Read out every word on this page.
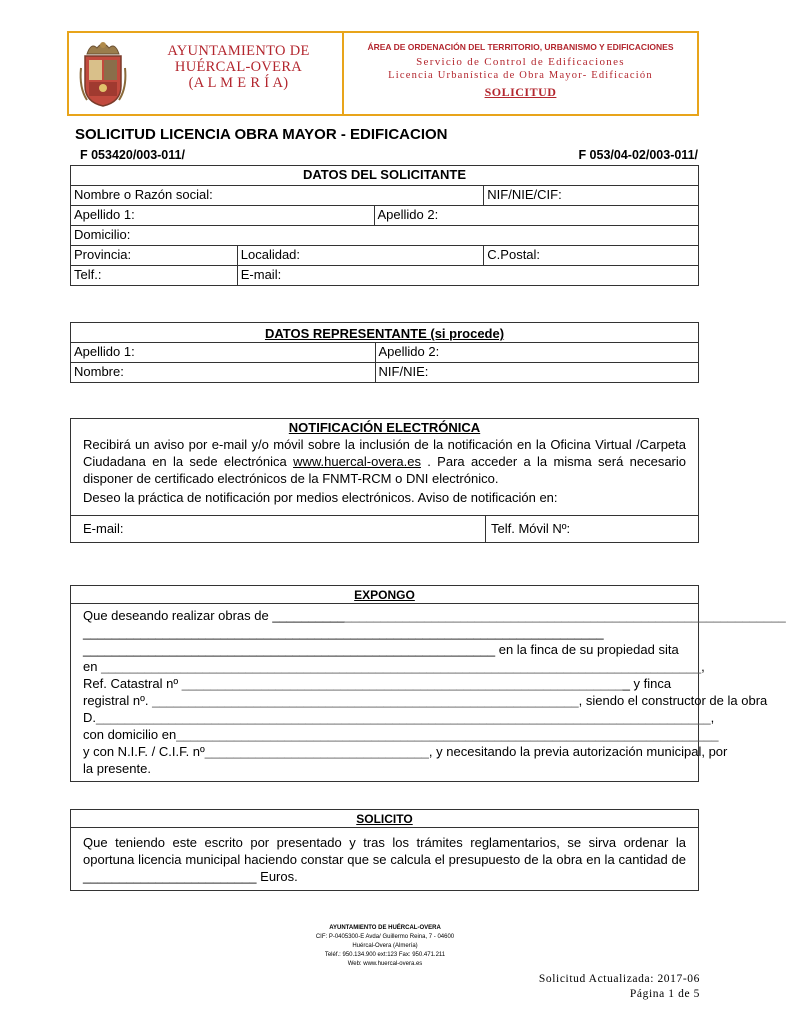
AYUNTAMIENTO DE
HUÉRCAL-OVERA
(A L M E R Í A)
ÁREA DE ORDENACIÓN DEL TERRITORIO, URBANISMO Y EDIFICACIONES
Servicio de Control de Edificaciones
Licencia Urbanística de Obra Mayor- Edificación
SOLICITUD
SOLICITUD LICENCIA OBRA MAYOR - EDIFICACION
F 053420/003-011/	F 053/04-02/003-011/
DATOS DEL SOLICITANTE			
Nombre o Razón social:			NIF/NIE/CIF:
Apellido 1:		Apellido 2:	
Domicilio:			
Provincia:	Localidad:		C.Postal:
Telf.:	E-mail:		
DATOS REPRESENTANTE (si procede)	
Apellido 1:	Apellido 2:
Nombre:	NIF/NIE:
NOTIFICACIÓN ELECTRÓNICA
Recibirá un aviso por e-mail y/o móvil sobre la inclusión de la notificación en la Oficina Virtual /Carpeta Ciudadana en la sede electrónica www.huercal-overa.es . Para acceder a la misma será necesario disponer de certificado electrónicos de la FNMT-RCM o DNI electrónico.
Deseo la práctica de notificación por medios electrónicos. Aviso de notificación en:
E-mail:	Telf. Móvil Nº:
EXPONGO
Que deseando realizar obras de _______________________________________________________________________
________________________________________________________________________
_________________________________________________________ en la finca de su propiedad sita
en ___________________________________________________________________________________,
Ref. Catastral nº ______________________________________________________________ y finca
registral nº. ___________________________________________________________, siendo el constructor de la obra
D._____________________________________________________________________________________,
con domicilio en___________________________________________________________________________
y con N.I.F. / C.I.F. nº_______________________________, y necesitando la previa autorización municipal, por
la presente.
SOLICITO
Que teniendo este escrito por presentado y tras los trámites reglamentarios, se sirva ordenar la oportuna licencia municipal haciendo constar que se calcula el presupuesto de la obra en la cantidad de ________________________ Euros.
AYUNTAMIENTO DE HUÉRCAL-OVERA
CIF: P-0405300-E Avda/ Guillermo Reina, 7 - 04600
Huércal-Overa (Almería)
Teléf.: 950.134.900 ext:123 Fax: 950.471.211
Web: www.huercal-overa.es
Solicitud Actualizada: 2017-06
Página 1 de 5
